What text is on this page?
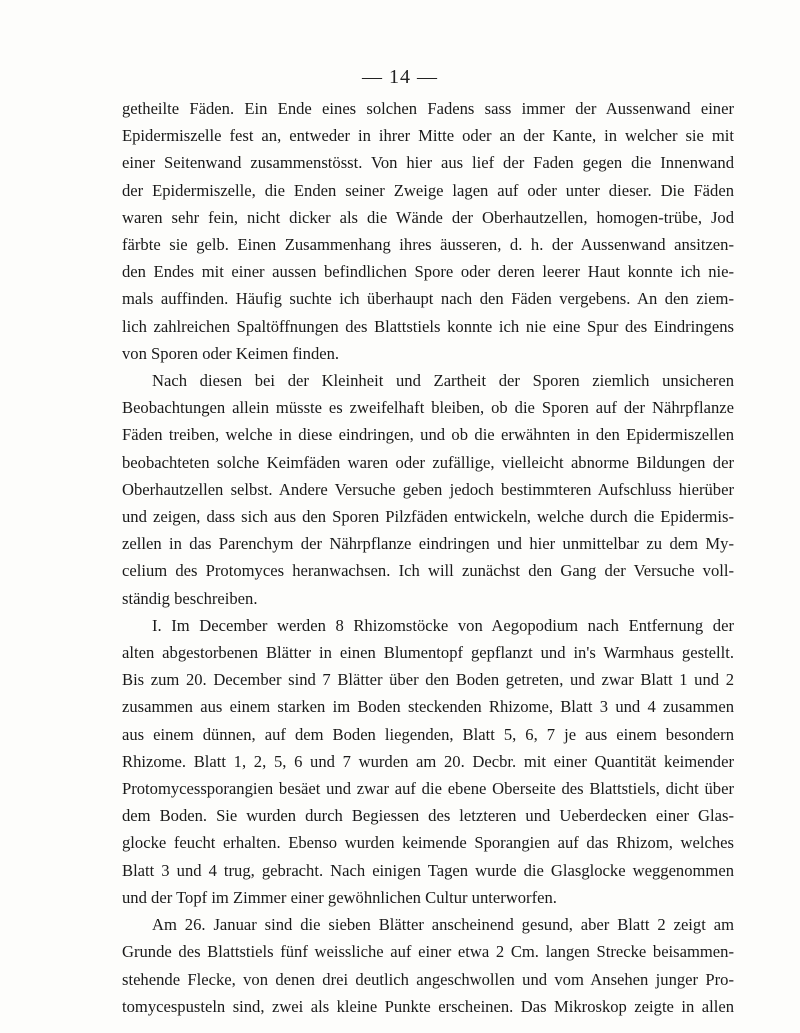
— 14 —
getheilte Fäden. Ein Ende eines solchen Fadens sass immer der Aussenwand einer
Epidermiszelle fest an, entweder in ihrer Mitte oder an der Kante, in welcher sie mit
einer Seitenwand zusammenstösst. Von hier aus lief der Faden gegen die Innenwand
der Epidermiszelle, die Enden seiner Zweige lagen auf oder unter dieser. Die Fäden
waren sehr fein, nicht dicker als die Wände der Oberhautzellen, homogen-trübe, Jod
färbte sie gelb. Einen Zusammenhang ihres äusseren, d. h. der Aussenwand ansitzen-
den Endes mit einer aussen befindlichen Spore oder deren leerer Haut konnte ich nie-
mals auffinden. Häufig suchte ich überhaupt nach den Fäden vergebens. An den ziem-
lich zahlreichen Spaltöffnungen des Blattstiels konnte ich nie eine Spur des Eindringens
von Sporen oder Keimen finden.
Nach diesen bei der Kleinheit und Zartheit der Sporen ziemlich unsicheren
Beobachtungen allein müsste es zweifelhaft bleiben, ob die Sporen auf der Nährpflanze
Fäden treiben, welche in diese eindringen, und ob die erwähnten in den Epidermiszellen
beobachteten solche Keimfäden waren oder zufällige, vielleicht abnorme Bildungen der
Oberhautzellen selbst. Andere Versuche geben jedoch bestimmteren Aufschluss hierüber
und zeigen, dass sich aus den Sporen Pilzfäden entwickeln, welche durch die Epidermis-
zellen in das Parenchym der Nährpflanze eindringen und hier unmittelbar zu dem My-
celium des Protomyces heranwachsen. Ich will zunächst den Gang der Versuche voll-
ständig beschreiben.
I. Im December werden 8 Rhizomstöcke von Aegopodium nach Entfernung der
alten abgestorbenen Blätter in einen Blumentopf gepflanzt und in's Warmhaus gestellt.
Bis zum 20. December sind 7 Blätter über den Boden getreten, und zwar Blatt 1 und 2
zusammen aus einem starken im Boden steckenden Rhizome, Blatt 3 und 4 zusammen
aus einem dünnen, auf dem Boden liegenden, Blatt 5, 6, 7 je aus einem besondern
Rhizome. Blatt 1, 2, 5, 6 und 7 wurden am 20. Decbr. mit einer Quantität keimender
Protomycessporangien besäet und zwar auf die ebene Oberseite des Blattstiels, dicht über
dem Boden. Sie wurden durch Begiessen des letzteren und Ueberdecken einer Glas-
glocke feucht erhalten. Ebenso wurden keimende Sporangien auf das Rhizom, welches
Blatt 3 und 4 trug, gebracht. Nach einigen Tagen wurde die Glasglocke weggenommen
und der Topf im Zimmer einer gewöhnlichen Cultur unterworfen.
Am 26. Januar sind die sieben Blätter anscheinend gesund, aber Blatt 2 zeigt am
Grunde des Blattstiels fünf weissliche auf einer etwa 2 Cm. langen Strecke beisammen-
stehende Flecke, von denen drei deutlich angeschwollen und vom Ansehen junger Pro-
tomycespusteln sind, zwei als kleine Punkte erscheinen. Das Mikroskop zeigte in allen
